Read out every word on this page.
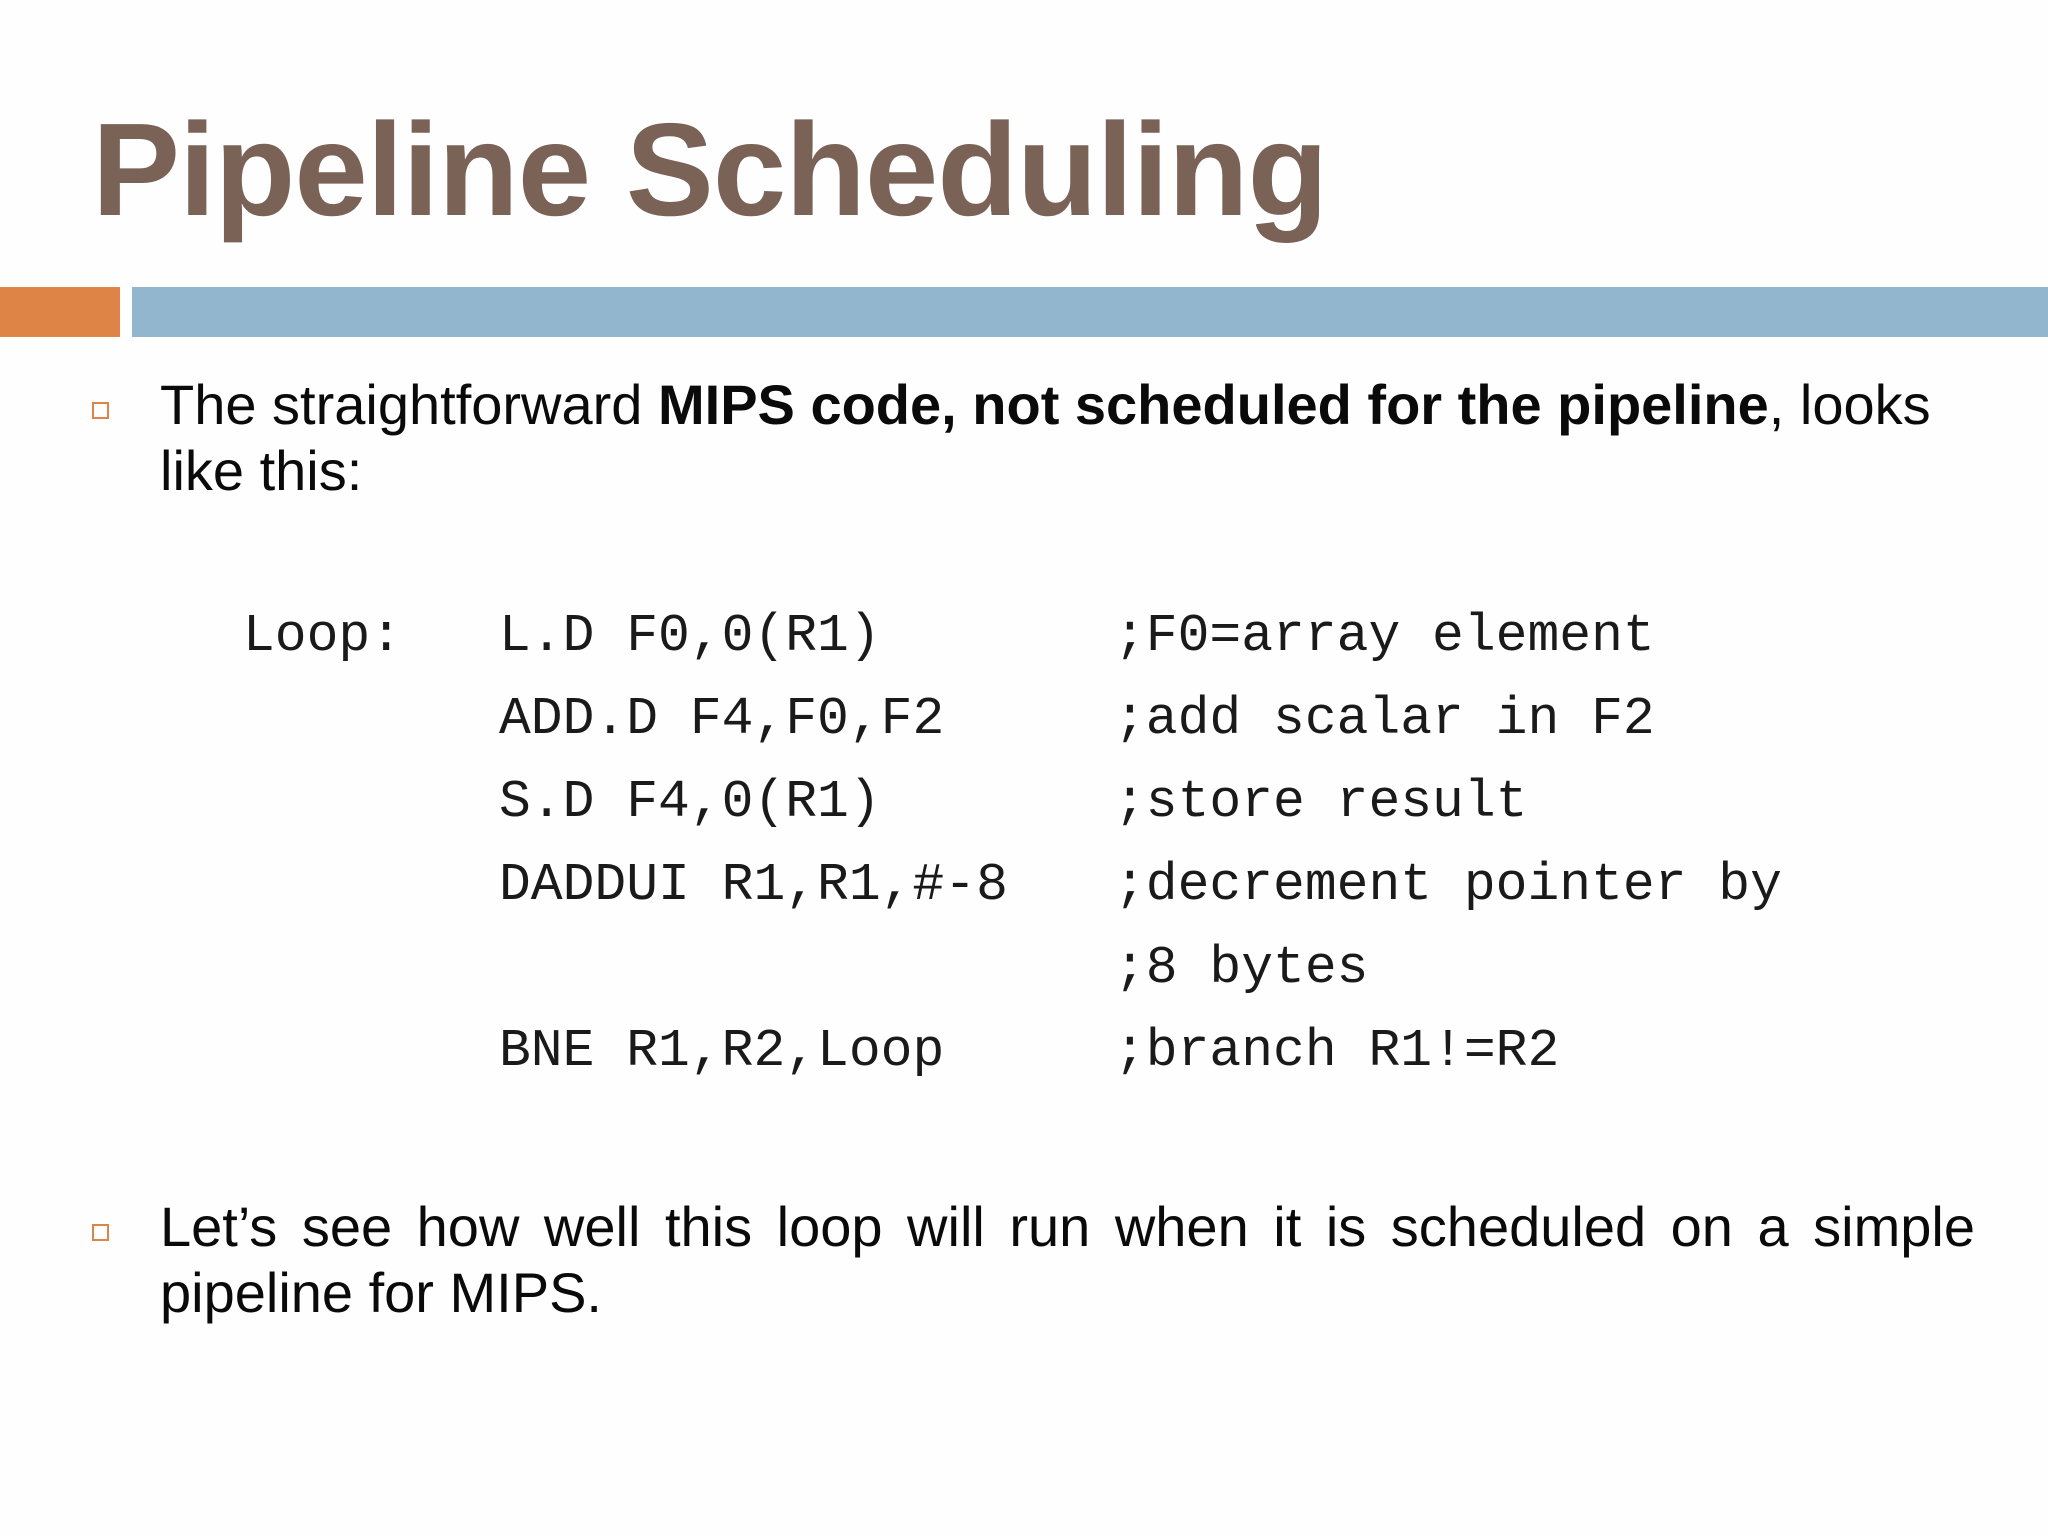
Pipeline Scheduling
The straightforward MIPS code, not scheduled for the pipeline, looks like this:
Loop: L.D F0,0(R1)
ADD.D F4,F0,F2
S.D F4,0(R1)
DADDUI R1,R1,#-8
BNE R1,R2,Loop
;F0=array element
;add scalar in F2
;store result
;decrement pointer by
;8 bytes
;branch R1!=R2
Let’s see how well this loop will run when it is scheduled on a simple pipeline for MIPS.
